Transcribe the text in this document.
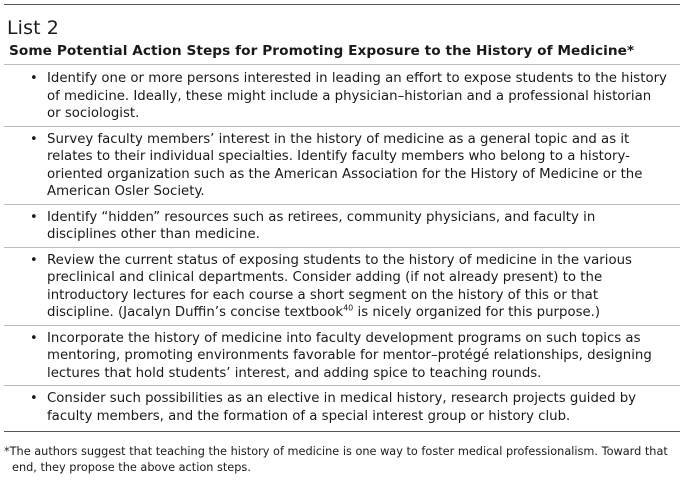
List 2
Some Potential Action Steps for Promoting Exposure to the History of Medicine*
• Identify one or more persons interested in leading an effort to expose students to the history of medicine. Ideally, these might include a physician–historian and a professional historian or sociologist.
• Survey faculty members’ interest in the history of medicine as a general topic and as it relates to their individual specialties. Identify faculty members who belong to a history-oriented organization such as the American Association for the History of Medicine or the American Osler Society.
• Identify “hidden” resources such as retirees, community physicians, and faculty in disciplines other than medicine.
• Review the current status of exposing students to the history of medicine in the various preclinical and clinical departments. Consider adding (if not already present) to the introductory lectures for each course a short segment on the history of this or that discipline. (Jacalyn Duffin’s concise textbook$^{40}$ is nicely organized for this purpose.)
• Incorporate the history of medicine into faculty development programs on such topics as mentoring, promoting environments favorable for mentor–protégé relationships, designing lectures that hold students’ interest, and adding spice to teaching rounds.
• Consider such possibilities as an elective in medical history, research projects guided by faculty members, and the formation of a special interest group or history club.
*The authors suggest that teaching the history of medicine is one way to foster medical professionalism. Toward that end, they propose the above action steps.
